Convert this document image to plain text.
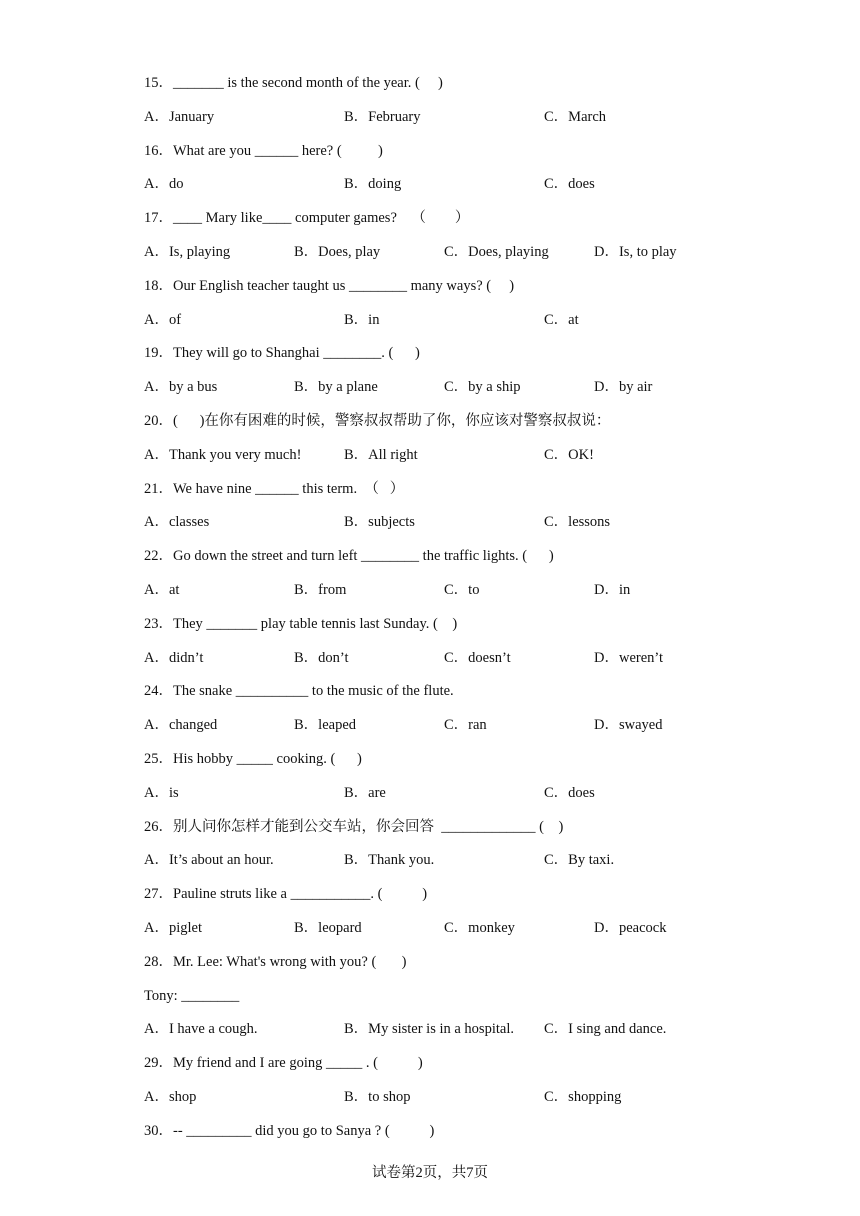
15．_______ is the second month of the year. (     )
A．January	B．February	C．March
16．What are you ______ here? (          )
A．do	B．doing	C．does
17．____ Mary like____ computer games?    （        ）
A．Is, playing	B．Does, play	C．Does, playing	D．Is, to play
18．Our English teacher taught us ________ many ways? (     )
A．of	B．in	C．at
19．They will go to Shanghai ________. (      )
A．by a bus	B．by a plane	C．by a ship	D．by air
20．(      )在你有困难的时候，警察叔叔帮助了你，你应该对警察叔叔说：
A．Thank you very much!	B．All right	C．OK!
21．We have nine ______ this term.  （   ）
A．classes	B．subjects	C．lessons
22．Go down the street and turn left ________ the traffic lights. (      )
A．at	B．from	C．to	D．in
23．They _______ play table tennis last Sunday. (    )
A．didn’t	B．don’t	C．doesn’t	D．weren’t
24．The snake __________ to the music of the flute.
A．changed	B．leaped	C．ran	D．swayed
25．His hobby _____ cooking. (      )
A．is	B．are	C．does
26．别人问你怎样才能到公交车站，你会回答  _____________ (    )
A．It’s about an hour.	B．Thank you.	C．By taxi.
27．Pauline struts like a ___________. (           )
A．piglet	B．leopard	C．monkey	D．peacock
28．Mr. Lee: What's wrong with you? (       )
Tony: ________
A．I have a cough.	B．My sister is in a hospital. C．I sing and dance.
29．My friend and I are going _____ . (           )
A．shop	B．to shop	C．shopping
30．-- _________ did you go to Sanya ? (           )
试卷第2页，共7页
